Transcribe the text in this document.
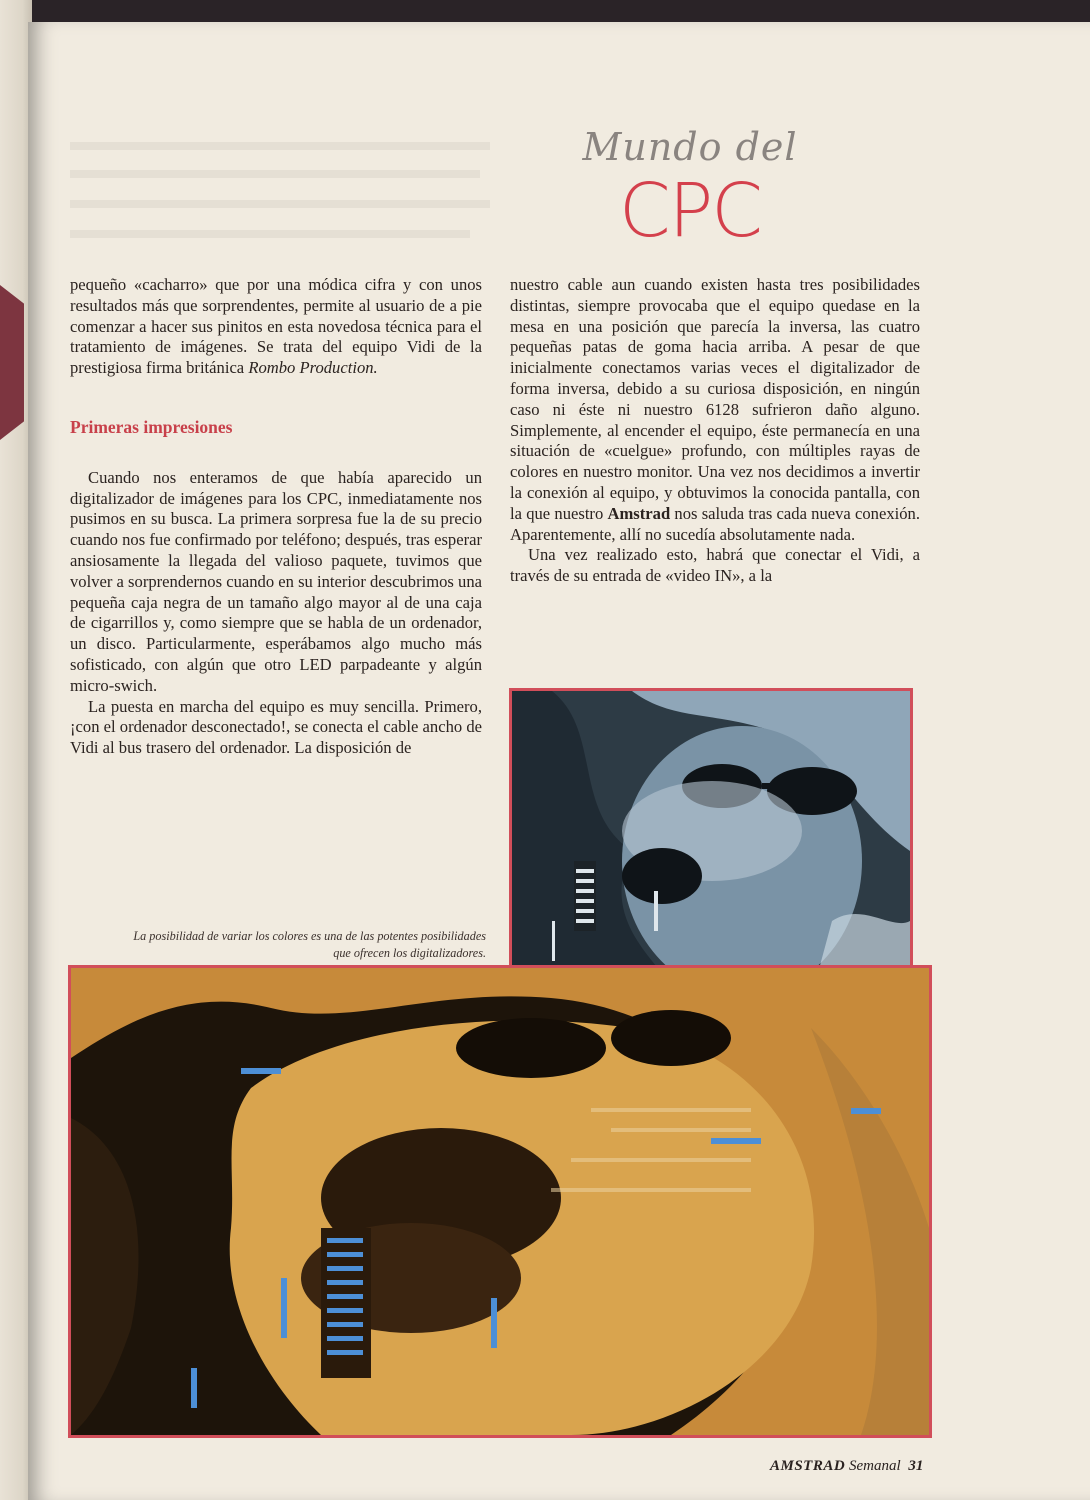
Mundo del
CPC

pequeño «cacharro» que por una módica cifra y con unos resultados más que sorprendentes, permite al usuario de a pie comenzar a hacer sus pinitos en esta novedosa técnica para el tratamiento de imágenes. Se trata del equipo Vidi de la prestigiosa firma británica Rombo Production.

Primeras impresiones

Cuando nos enteramos de que había aparecido un digitalizador de imágenes para los CPC, inmediatamente nos pusimos en su busca. La primera sorpresa fue la de su precio cuando nos fue confirmado por teléfono; después, tras esperar ansiosamente la llegada del valioso paquete, tuvimos que volver a sorprendernos cuando en su interior descubrimos una pequeña caja negra de un tamaño algo mayor al de una caja de cigarrillos y, como siempre que se habla de un ordenador, un disco. Particularmente, esperábamos algo mucho más sofisticado, con algún que otro LED parpadeante y algún micro-swich.

La puesta en marcha del equipo es muy sencilla. Primero, ¡con el ordenador desconectado!, se conecta el cable ancho de Vidi al bus trasero del ordenador. La disposición de

nuestro cable aun cuando existen hasta tres posibilidades distintas, siempre provocaba que el equipo quedase en la mesa en una posición que parecía la inversa, las cuatro pequeñas patas de goma hacia arriba. A pesar de que inicialmente conectamos varias veces el digitalizador de forma inversa, debido a su curiosa disposición, en ningún caso ni éste ni nuestro 6128 sufrieron daño alguno. Simplemente, al encender el equipo, éste permanecía en una situación de «cuelgue» profundo, con múltiples rayas de colores en nuestro monitor. Una vez nos decidimos a invertir la conexión al equipo, y obtuvimos la conocida pantalla, con la que nuestro Amstrad nos saluda tras cada nueva conexión. Aparentemente, allí no sucedía absolutamente nada.

Una vez realizado esto, habrá que conectar el Vidi, a través de su entrada de «video IN», a la

La posibilidad de variar los colores es una de las potentes posibilidades que ofrecen los digitalizadores.
AMSTRAD Semanal 31
